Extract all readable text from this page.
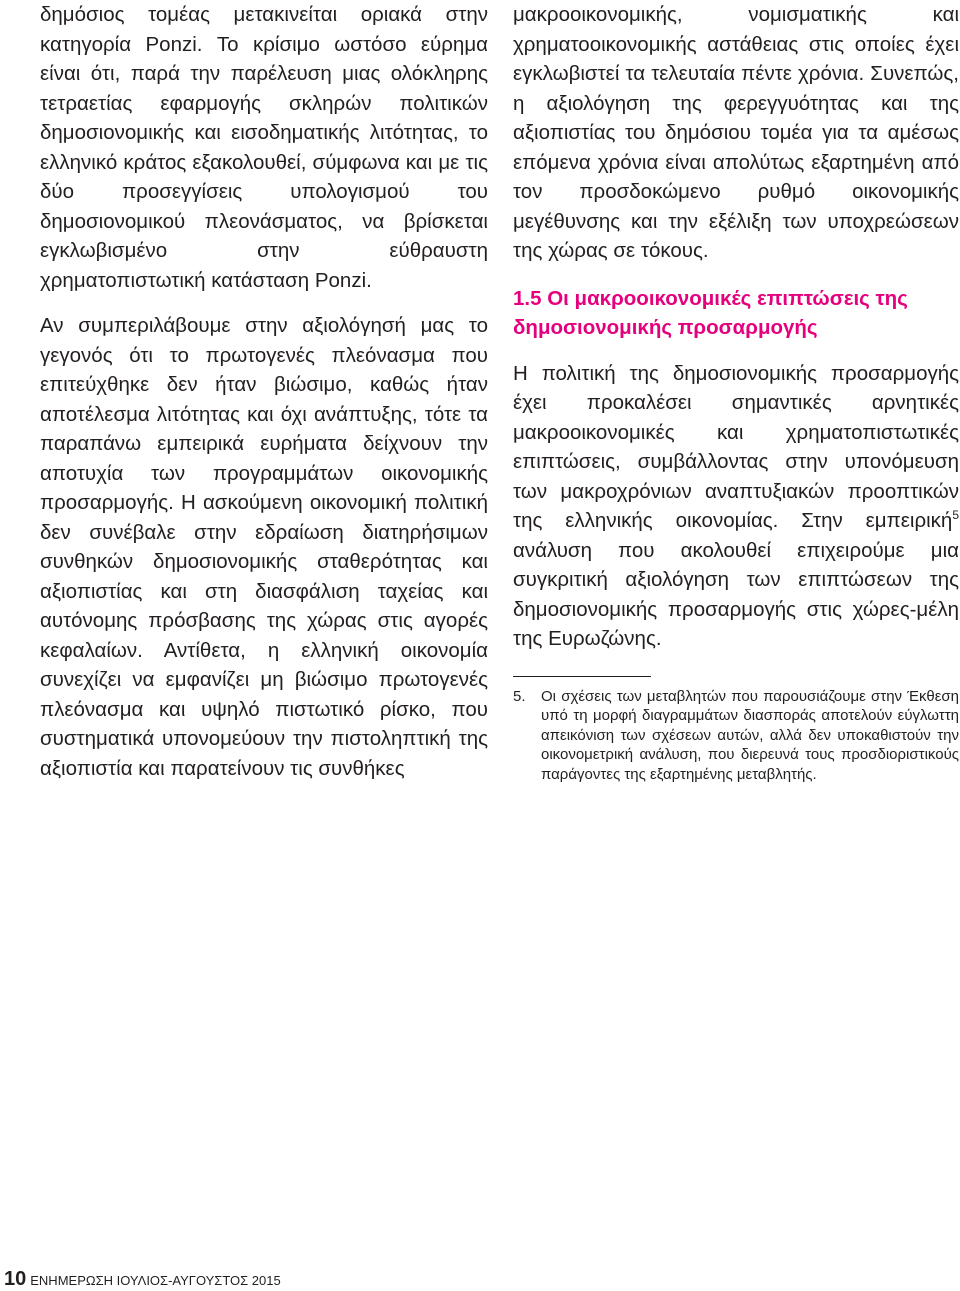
δημόσιος τομέας μετακινείται οριακά στην κατηγορία Ponzi. Το κρίσιμο ωστόσο εύρημα είναι ότι, παρά την παρέλευση μιας ολόκληρης τετραετίας εφαρμογής σκληρών πολιτικών δημοσιονομικής και εισοδηματικής λιτότητας, το ελληνικό κράτος εξακολουθεί, σύμφωνα και με τις δύο προσεγγίσεις υπολογισμού του δημοσιονομικού πλεονάσματος, να βρίσκεται εγκλωβισμένο στην εύθραυστη χρηματοπιστωτική κατάσταση Ponzi.

Αν συμπεριλάβουμε στην αξιολόγησή μας το γεγονός ότι το πρωτογενές πλεόνασμα που επιτεύχθηκε δεν ήταν βιώσιμο, καθώς ήταν αποτέλεσμα λιτότητας και όχι ανάπτυξης, τότε τα παραπάνω εμπειρικά ευρήματα δείχνουν την αποτυχία των προγραμμάτων οικονομικής προσαρμογής. Η ασκούμενη οικονομική πολιτική δεν συνέβαλε στην εδραίωση διατηρήσιμων συνθηκών δημοσιονομικής σταθερότητας και αξιοπιστίας και στη διασφάλιση ταχείας και αυτόνομης πρόσβασης της χώρας στις αγορές κεφαλαίων. Αντίθετα, η ελληνική οικονομία συνεχίζει να εμφανίζει μη βιώσιμο πρωτογενές πλεόνασμα και υψηλό πιστωτικό ρίσκο, που συστηματικά υπονομεύουν την πιστοληπτική της αξιοπιστία και παρατείνουν τις συνθήκες

μακροοικονομικής, νομισματικής και χρηματοοικονομικής αστάθειας στις οποίες έχει εγκλωβιστεί τα τελευταία πέντε χρόνια. Συνεπώς, η αξιολόγηση της φερεγγυότητας και της αξιοπιστίας του δημόσιου τομέα για τα αμέσως επόμενα χρόνια είναι απολύτως εξαρτημένη από τον προσδοκώμενο ρυθμό οικονομικής μεγέθυνσης και την εξέλιξη των υποχρεώσεων της χώρας σε τόκους.

1.5 Οι μακροοικονομικές επιπτώσεις της δημοσιονομικής προσαρμογής

Η πολιτική της δημοσιονομικής προσαρμογής έχει προκαλέσει σημαντικές αρνητικές μακροοικονομικές και χρηματοπιστωτικές επιπτώσεις, συμβάλλοντας στην υπονόμευση των μακροχρόνιων αναπτυξιακών προοπτικών της ελληνικής οικονομίας. Στην εμπειρική$^5$ ανάλυση που ακολουθεί επιχειρούμε μια συγκριτική αξιολόγηση των επιπτώσεων της δημοσιονομικής προσαρμογής στις χώρες-μέλη της Ευρωζώνης.

5.	Οι σχέσεις των μεταβλητών που παρουσιάζουμε στην Έκθεση υπό τη μορφή διαγραμμάτων διασποράς αποτελούν εύγλωττη απεικόνιση των σχέσεων αυτών, αλλά δεν υποκαθιστούν την οικονομετρική ανάλυση, που διερευνά τους προσδιοριστικούς παράγοντες της εξαρτημένης μεταβλητής.
10 ΕΝΗΜΕΡΩΣΗ ΙΟΥΛΙΟΣ-ΑΥΓΟΥΣΤΟΣ 2015
